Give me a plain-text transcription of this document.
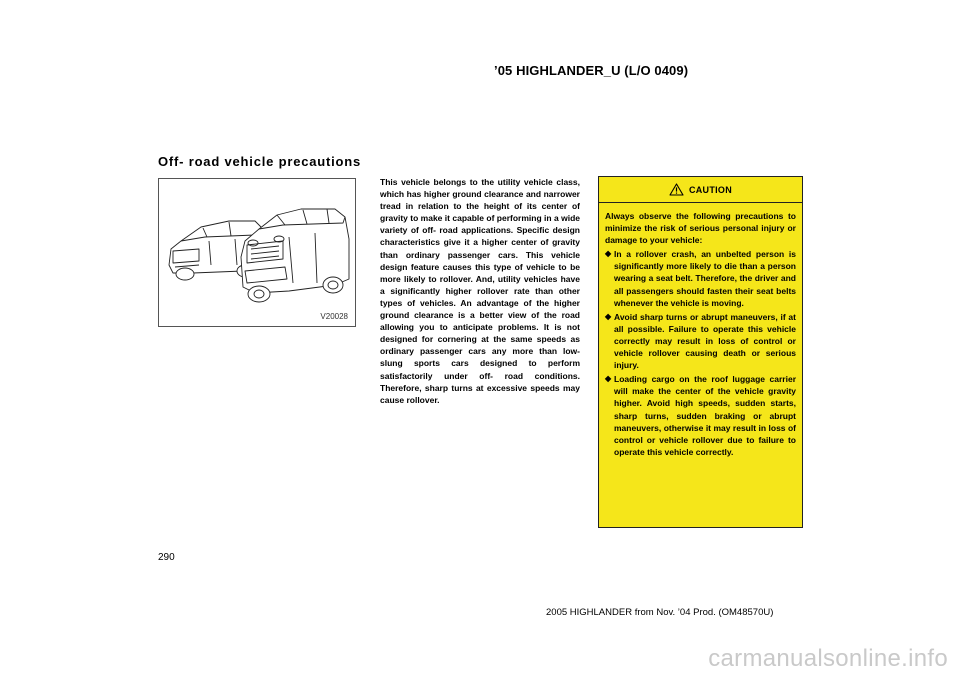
’05 HIGHLANDER_U (L/O 0409)
Off- road vehicle precautions
V20028

This vehicle belongs to the utility vehicle class, which has higher ground clearance and narrower tread in relation to the height of its center of gravity to make it capable of performing in a wide variety of off- road applications. Specific design characteristics give it a higher center of gravity than ordinary passenger cars. This vehicle design feature causes this type of vehicle to be more likely to rollover. And, utility vehicles have a significantly higher rollover rate than other types of vehicles. An advantage of the higher ground clearance is a better view of the road allowing you to anticipate problems. It is not designed for cornering at the same speeds as ordinary passenger cars any more than low- slung sports cars designed to perform satisfactorily under off- road conditions. Therefore, sharp turns at excessive speeds may cause rollover.

CAUTION

Always observe the following precautions to minimize the risk of serious personal injury or damage to your vehicle:

◆ In a rollover crash, an unbelted person is significantly more likely to die than a person wearing a seat belt. Therefore, the driver and all passengers should fasten their seat belts whenever the vehicle is moving.
◆ Avoid sharp turns or abrupt maneuvers, if at all possible. Failure to operate this vehicle correctly may result in loss of control or vehicle rollover causing death or serious injury.
◆ Loading cargo on the roof luggage carrier will make the center of the vehicle gravity higher. Avoid high speeds, sudden starts, sharp turns, sudden braking or abrupt maneuvers, otherwise it may result in loss of control or vehicle rollover due to failure to operate this vehicle correctly.
290
2005 HIGHLANDER from Nov. ’04 Prod. (OM48570U)
carmanualsonline.info
